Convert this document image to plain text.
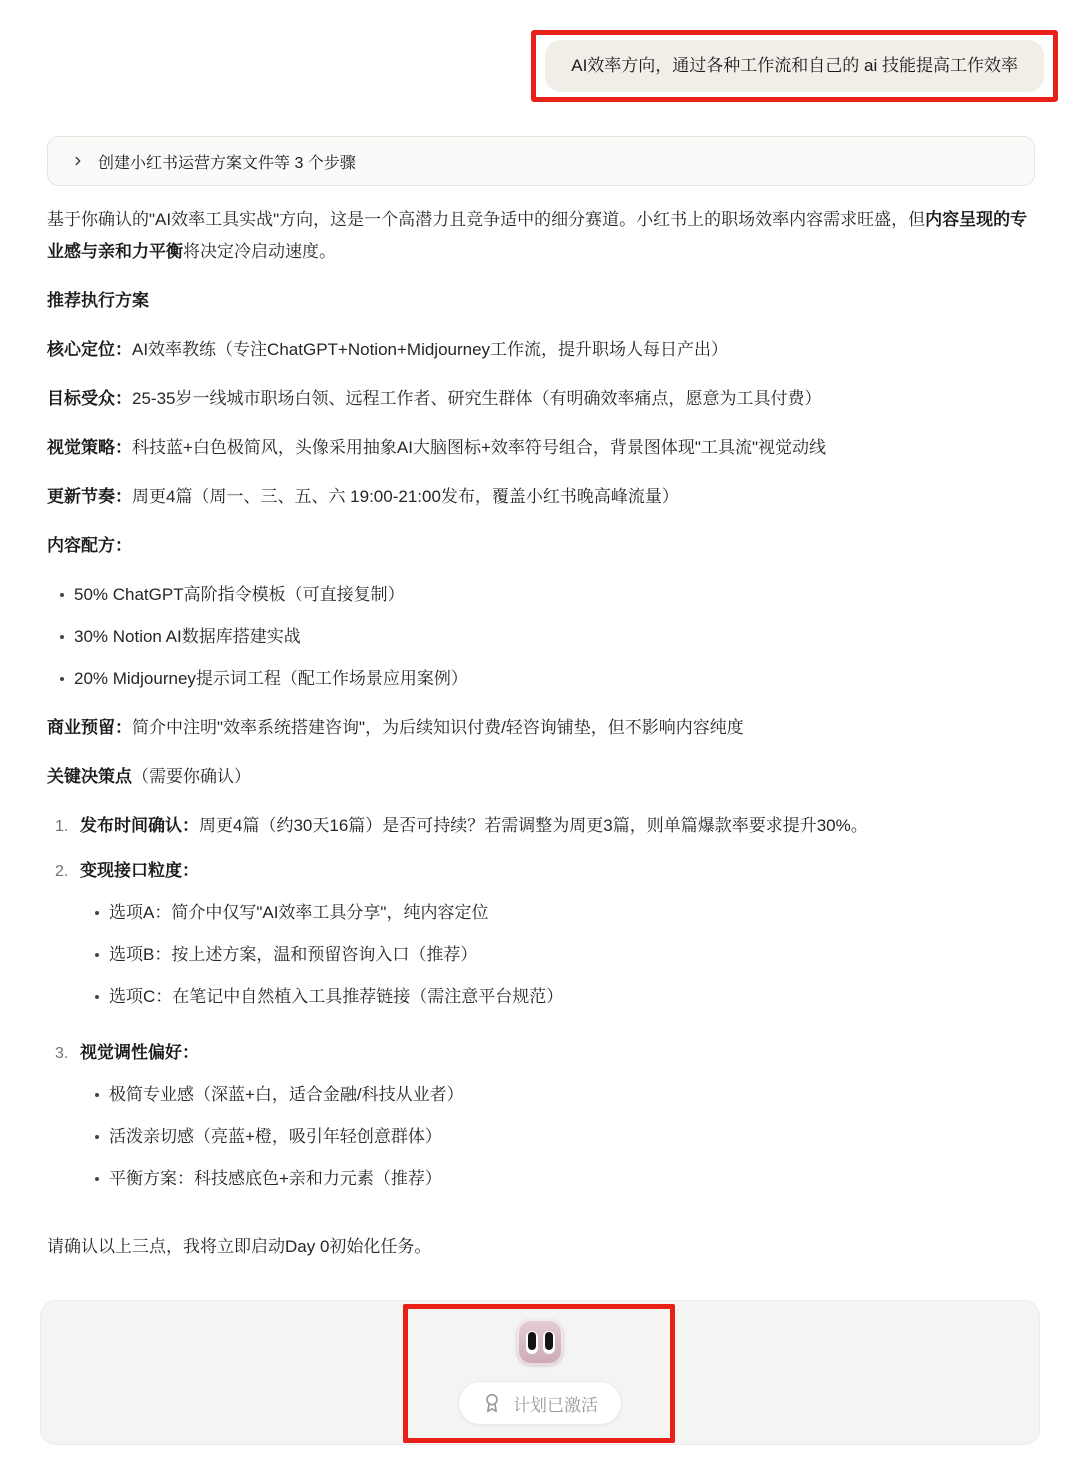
AI效率方向，通过各种工作流和自己的 ai 技能提高工作效率
创建小红书运营方案文件等 3 个步骤

基于你确认的"AI效率工具实战"方向，这是一个高潜力且竞争适中的细分赛道。小红书上的职场效率内容需求旺盛，但内容呈现的专业感与亲和力平衡将决定冷启动速度。

推荐执行方案

核心定位：AI效率教练（专注ChatGPT+Notion+Midjourney工作流，提升职场人每日产出）

目标受众：25-35岁一线城市职场白领、远程工作者、研究生群体（有明确效率痛点，愿意为工具付费）

视觉策略：科技蓝+白色极简风，头像采用抽象AI大脑图标+效率符号组合，背景图体现"工具流"视觉动线

更新节奏：周更4篇（周一、三、五、六 19:00-21:00发布，覆盖小红书晚高峰流量）

内容配方：

50% ChatGPT高阶指令模板（可直接复制）
30% Notion AI数据库搭建实战
20% Midjourney提示词工程（配工作场景应用案例）

商业预留：简介中注明"效率系统搭建咨询"，为后续知识付费/轻咨询铺垫，但不影响内容纯度

关键决策点（需要你确认）

1. 发布时间确认：周更4篇（约30天16篇）是否可持续？若需调整为周更3篇，则单篇爆款率要求提升30%。
2. 变现接口粒度：
选项A：简介中仅写"AI效率工具分享"，纯内容定位
选项B：按上述方案，温和预留咨询入口（推荐）
选项C：在笔记中自然植入工具推荐链接（需注意平台规范）
3. 视觉调性偏好：
极简专业感（深蓝+白，适合金融/科技从业者）
活泼亲切感（亮蓝+橙，吸引年轻创意群体）
平衡方案：科技感底色+亲和力元素（推荐）

请确认以上三点，我将立即启动Day 0初始化任务。

计划已激活
